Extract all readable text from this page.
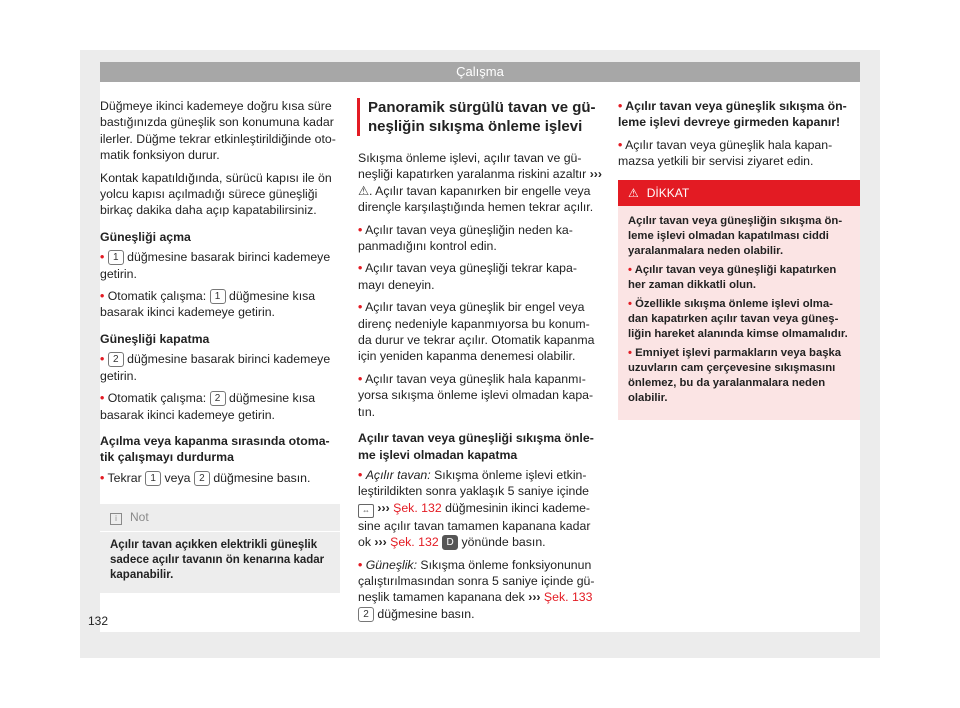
Çalışma

Düğmeye ikinci kademeye doğru kısa süre bastığınızda güneşlik son konumuna kadar ilerler. Düğme tekrar etkinleştirildiğinde oto-matik fonksiyon durur.

Kontak kapatıldığında, sürücü kapısı ile ön yolcu kapısı açılmadığı sürece güneşliği birkaç dakika daha açıp kapatabilirsiniz.

Güneşliği açma

• 1 düğmesine basarak birinci kademeye getirin.

• Otomatik çalışma: 1 düğmesine kısa basarak ikinci kademeye getirin.

Güneşliği kapatma

• 2 düğmesine basarak birinci kademeye getirin.

• Otomatik çalışma: 2 düğmesine kısa basarak ikinci kademeye getirin.

Açılma veya kapanma sırasında otoma-tik çalışmayı durdurma

• Tekrar 1 veya 2 düğmesine basın.

i Not
Açılır tavan açıkken elektrikli güneşlik sadece açılır tavanın ön kenarına kadar kapanabilir.
Panoramik sürgülü tavan ve gü-neşliğin sıkışma önleme işlevi

Sıkışma önleme işlevi, açılır tavan ve gü-neşliği kapatırken yaralanma riskini azaltır ››› ⚠. Açılır tavan kapanırken bir engelle veya dirençle karşılaştığında hemen tekrar açılır.

• Açılır tavan veya güneşliğin neden ka-panmadığını kontrol edin.

• Açılır tavan veya güneşliği tekrar kapa-mayı deneyin.

• Açılır tavan veya güneşlik bir engel veya direnç nedeniyle kapanmıyorsa bu konum-da durur ve tekrar açılır. Otomatik kapanma için yeniden kapanma denemesi olabilir.

• Açılır tavan veya güneşlik hala kapanmı-yorsa sıkışma önleme işlevi olmadan kapa-tın.

Açılır tavan veya güneşliği sıkışma önle-me işlevi olmadan kapatma

• Açılır tavan: Sıkışma önleme işlevi etkin-leştirildikten sonra yaklaşık 5 saniye içinde ⇔ ››› Şek. 132 düğmesinin ikinci kademe-sine açılır tavan tamamen kapanana kadar ok ››› Şek. 132 D yönünde basın.

• Güneşlik: Sıkışma önleme fonksiyonunun çalıştırılmasından sonra 5 saniye içinde gü-neşlik tamamen kapanana dek ››› Şek. 133
2 düğmesine basın.

• Açılır tavan veya güneşlik sıkışma ön-leme işlevi devreye girmeden kapanır!

• Açılır tavan veya güneşlik hala kapan-mazsa yetkili bir servisi ziyaret edin.

⚠ DİKKAT

Açılır tavan veya güneşliğin sıkışma ön-leme işlevi olmadan kapatılması ciddi yaralanmalara neden olabilir.

• Açılır tavan veya güneşliği kapatırken her zaman dikkatli olun.

• Özellikle sıkışma önleme işlevi olma-dan kapatırken açılır tavan veya güneş-liğin hareket alanında kimse olmamalıdır.

• Emniyet işlevi parmakların veya başka uzuvların cam çerçevesine sıkışmasını önlemez, bu da yaralanmalara neden olabilir.

132
